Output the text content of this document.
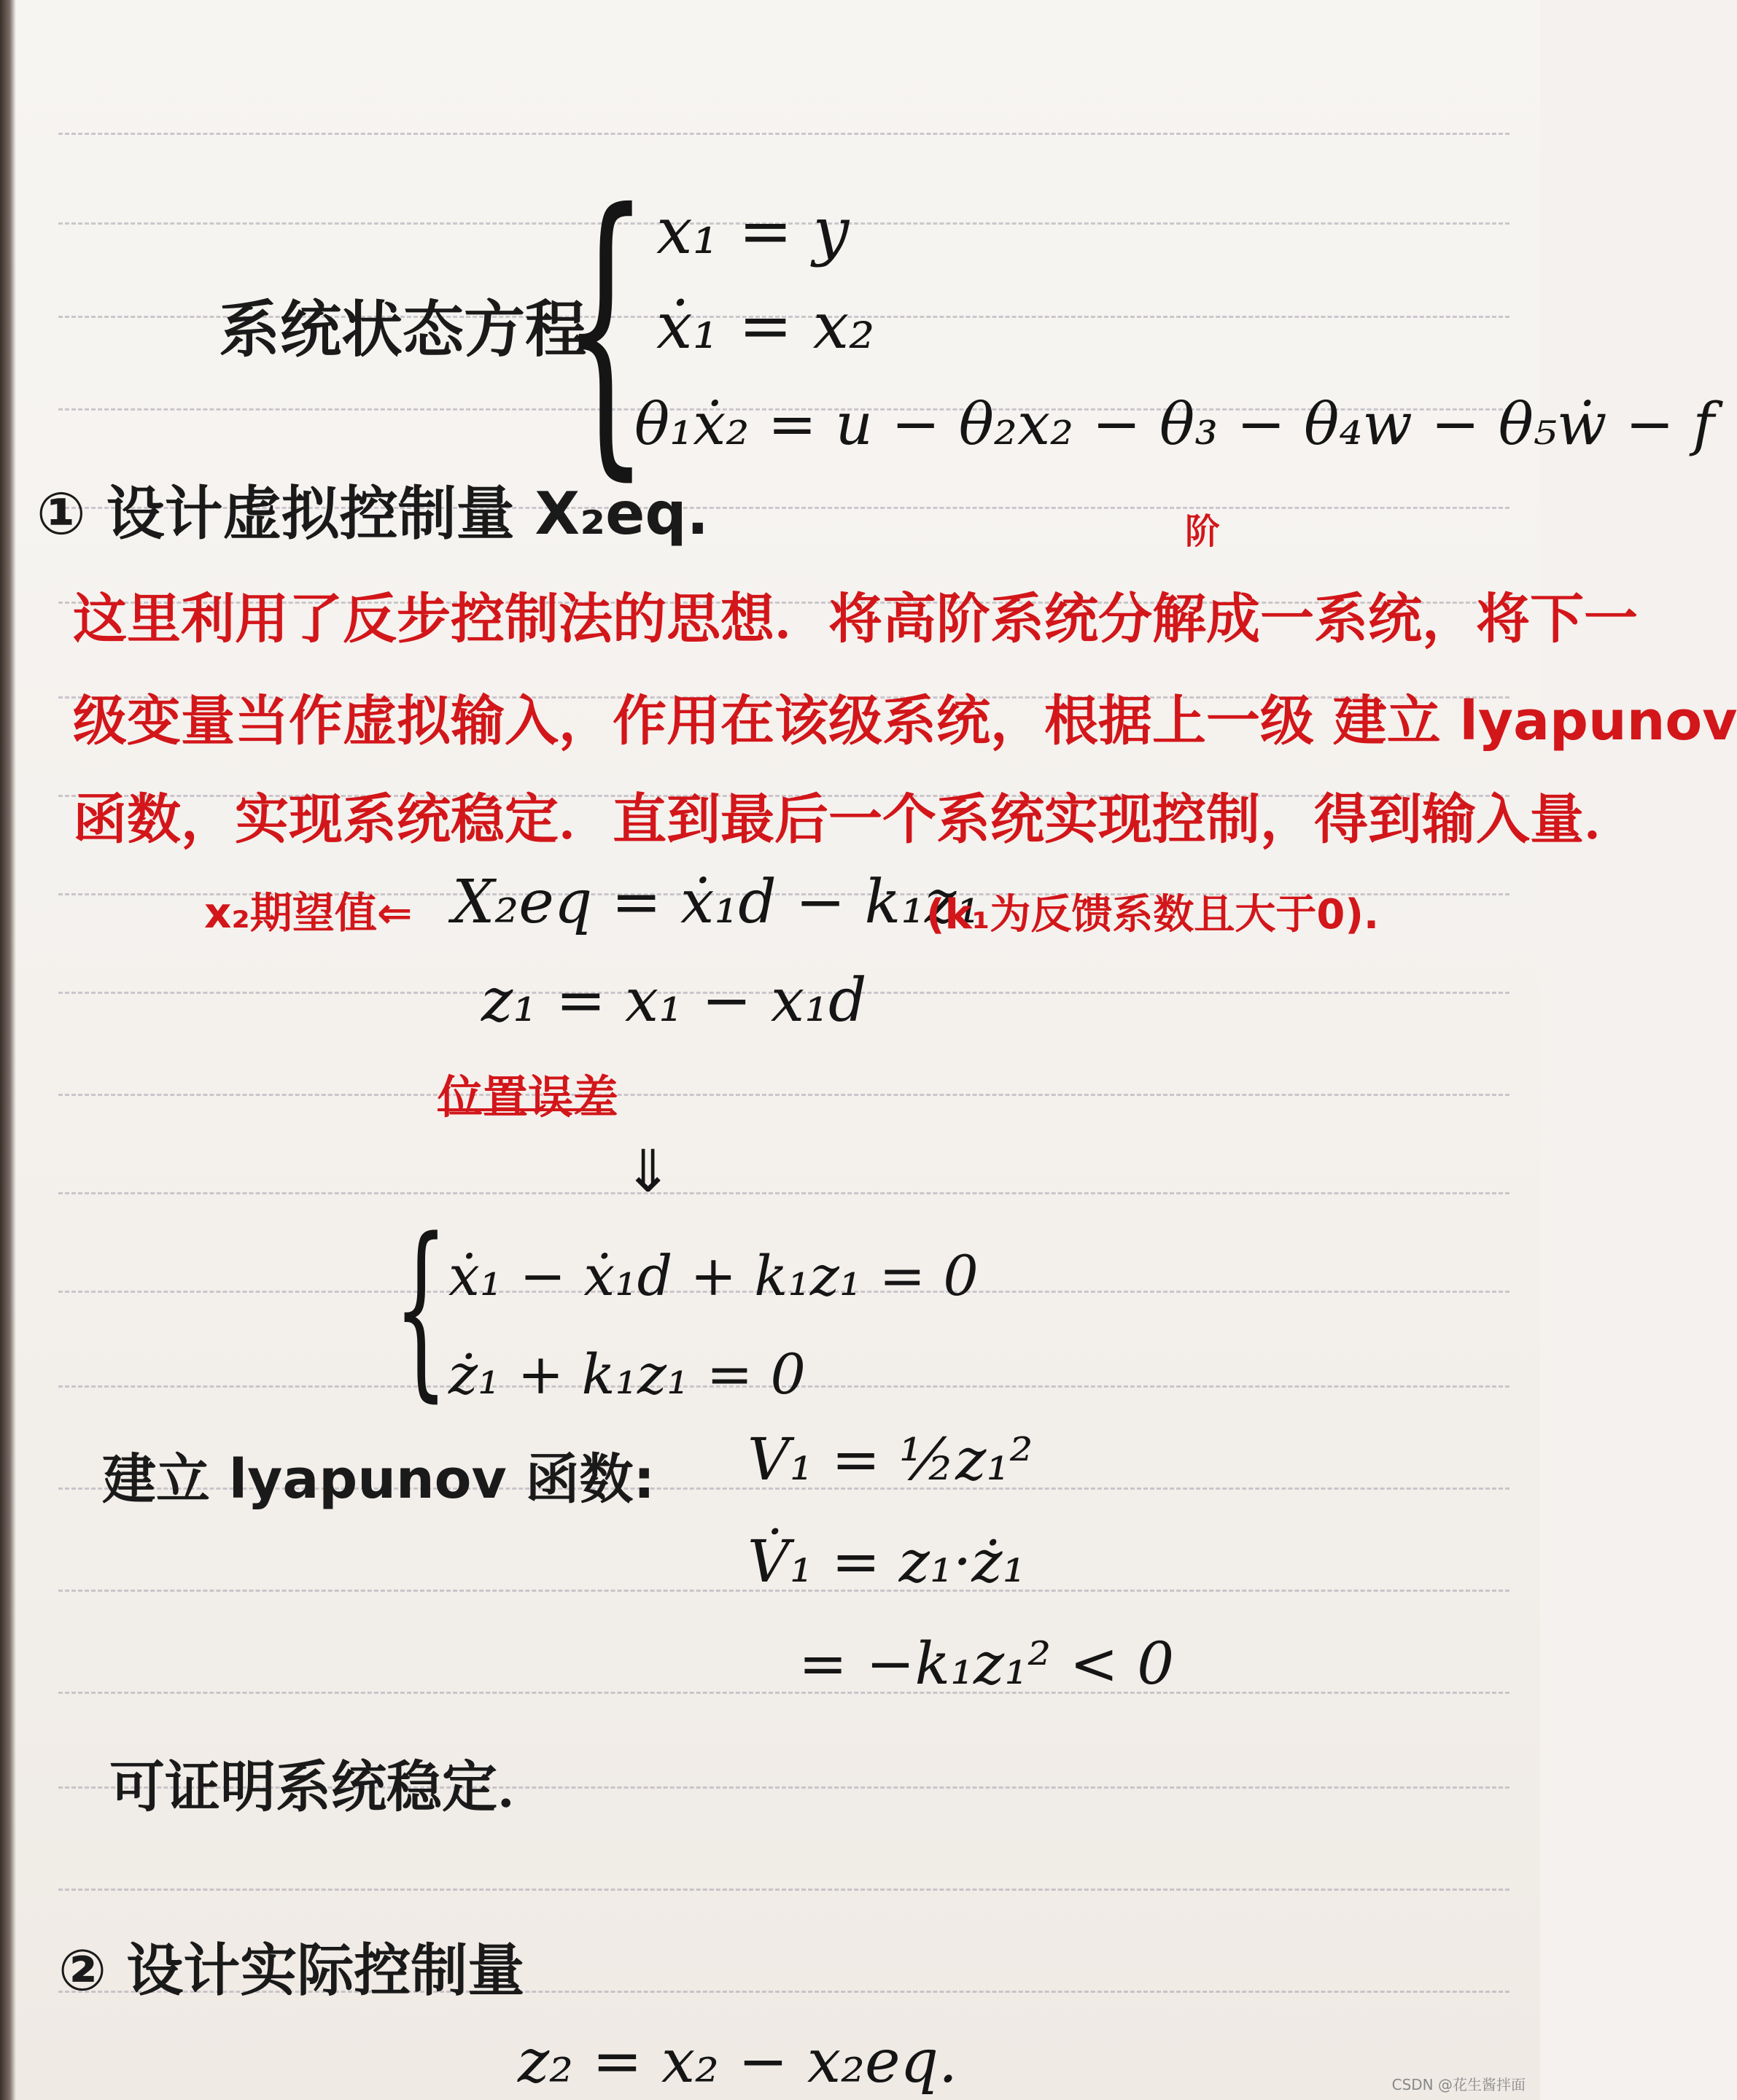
系统状态方程
{ x₁ = y
ẋ₁ = x₂
θ₁ẋ₂ = u − θ₂x₂ − θ₃ − θ₄w − θ₅ẇ − f
① 设计虚拟控制量 X₂eq.	阶
这里利用了反步控制法的思想．将高阶系统分解成一系统，将下一
级变量当作虚拟输入，作用在该级系统，根据上一级 建立 lyapunov
函数，实现系统稳定．直到最后一个系统实现控制，得到输入量．
x₂期望值⇐ X₂eq = ẋ₁d − k₁z₁
(k₁为反馈系数且大于0).
z₁ = x₁ − x₁d
位置误差
⇓
{ ẋ₁ − ẋ₁d + k₁z₁ = 0
ż₁ + k₁z₁ = 0
建立 lyapunov 函数: V₁ = ½z₁²
V̇₁ = z₁·ż₁
= −k₁z₁² < 0
可证明系统稳定．
② 设计实际控制量
z₂ = x₂ − x₂eq.	CSDN @花生酱拌面
